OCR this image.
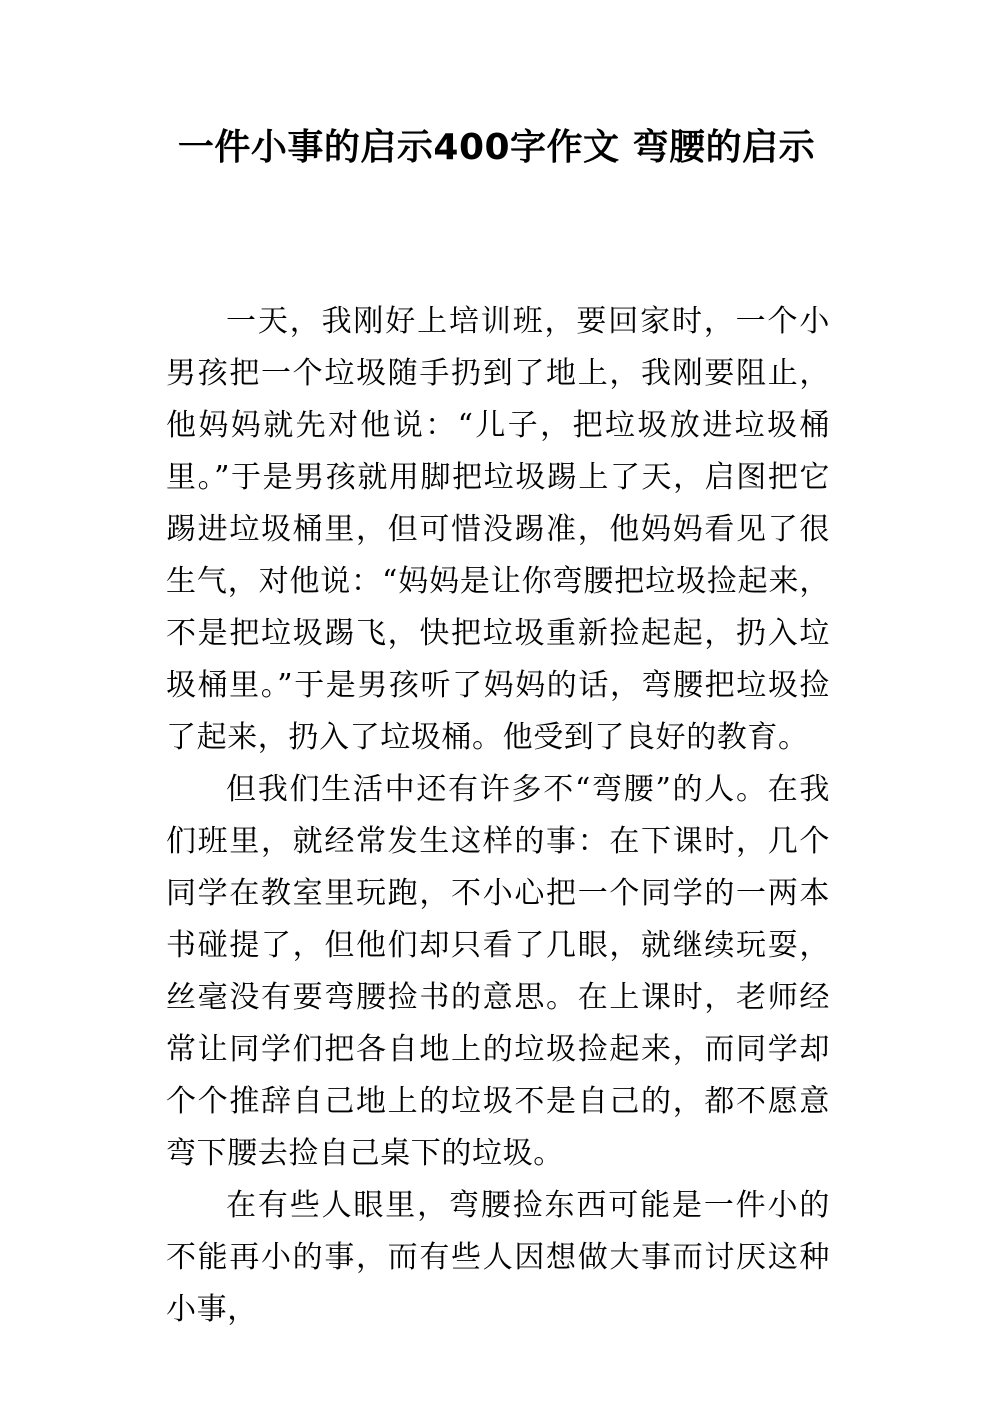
一件小事的启示400字作文 弯腰的启示

一天，我刚好上培训班，要回家时，一个小男孩把一个垃圾随手扔到了地上，我刚要阻止，他妈妈就先对他说：“儿子，把垃圾放进垃圾桶里。”于是男孩就用脚把垃圾踢上了天，启图把它踢进垃圾桶里，但可惜没踢准，他妈妈看见了很生气，对他说：“妈妈是让你弯腰把垃圾捡起来，不是把垃圾踢飞，快把垃圾重新捡起起，扔入垃圾桶里。”于是男孩听了妈妈的话，弯腰把垃圾捡了起来，扔入了垃圾桶。他受到了良好的教育。

但我们生活中还有许多不“弯腰”的人。在我们班里，就经常发生这样的事：在下课时，几个同学在教室里玩跑，不小心把一个同学的一两本书碰提了，但他们却只看了几眼，就继续玩耍，丝毫没有要弯腰捡书的意思。在上课时，老师经常让同学们把各自地上的垃圾捡起来，而同学却个个推辞自己地上的垃圾不是自己的，都不愿意弯下腰去捡自己桌下的垃圾。

在有些人眼里，弯腰捡东西可能是一件小的不能再小的事，而有些人因想做大事而讨厌这种小事，
